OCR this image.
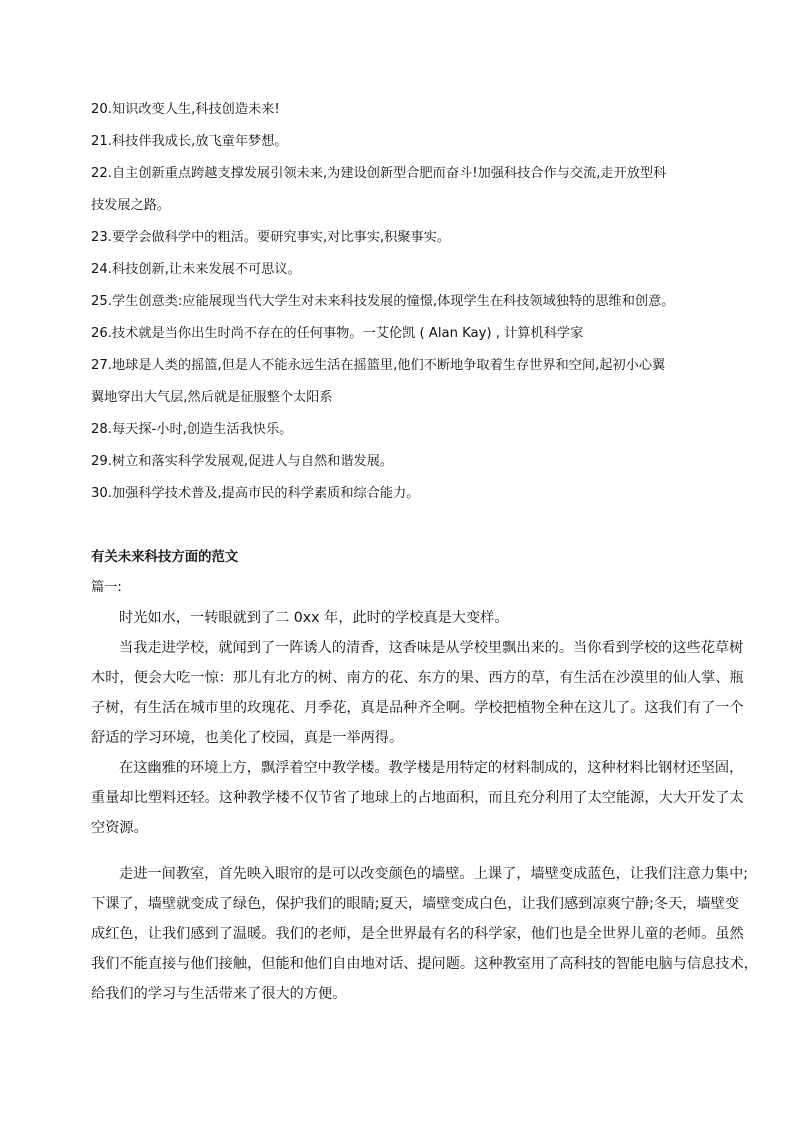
20.知识改变人生,科技创造未来!
21.科技伴我成长,放飞童年梦想。
22.自主创新重点跨越支撑发展引领未来,为建设创新型合肥而奋斗!加强科技合作与交流,走开放型科
技发展之路。
23.要学会做科学中的粗活。要研究事实,对比事实,积聚事实。
24.科技创新,让未来发展不可思议。
25.学生创意类:应能展现当代大学生对未来科技发展的憧憬,体现学生在科技领域独特的思维和创意。
26.技术就是当你出生时尚不存在的任何事物。一艾伦凯 ( Alan Kay) , 计算机科学家
27.地球是人类的摇篮,但是人不能永远生活在摇篮里,他们不断地争取着生存世界和空间,起初小心翼
翼地穿出大气层,然后就是征服整个太阳系
28.每天探-小时,创造生活我快乐。
29.树立和落实科学发展观,促进人与自然和谐发展。
30.加强科学技术普及,提高市民的科学素质和综合能力。
有关未来科技方面的范文
篇一:
时光如水，一转眼就到了二 0xx 年，此时的学校真是大变样。
当我走进学校，就闻到了一阵诱人的清香，这香味是从学校里飘出来的。当你看到学校的这些花草树
木时，便会大吃一惊：那儿有北方的树、南方的花、东方的果、西方的草，有生活在沙漠里的仙人掌、瓶
子树，有生活在城市里的玫瑰花、月季花，真是品种齐全啊。学校把植物全种在这儿了。这我们有了一个
舒适的学习环境，也美化了校园，真是一举两得。
在这幽雅的环境上方，飘浮着空中教学楼。教学楼是用特定的材料制成的，这种材料比钢材还坚固，
重量却比塑料还轻。这种教学楼不仅节省了地球上的占地面积，而且充分利用了太空能源，大大开发了太
空资源。
走进一间教室，首先映入眼帘的是可以改变颜色的墙壁。上课了，墙壁变成蓝色，让我们注意力集中;
下课了，墙壁就变成了绿色，保护我们的眼睛;夏天，墙壁变成白色，让我们感到凉爽宁静;冬天，墙壁变
成红色，让我们感到了温暖。我们的老师，是全世界最有名的科学家，他们也是全世界儿童的老师。虽然
我们不能直接与他们接触，但能和他们自由地对话、提问题。这种教室用了高科技的智能电脑与信息技术，
给我们的学习与生活带来了很大的方便。
